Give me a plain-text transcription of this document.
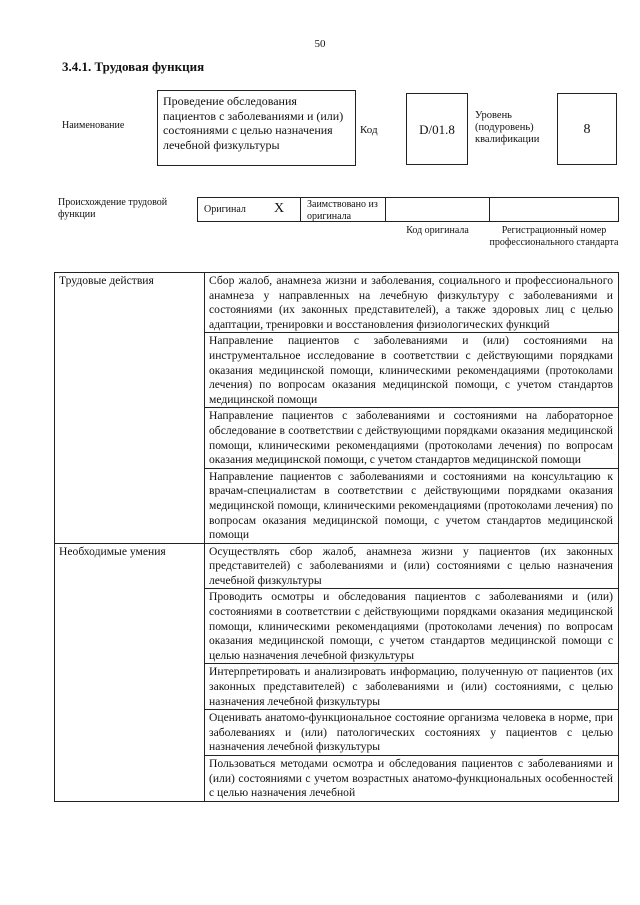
50
3.4.1. Трудовая функция
Наименование
Проведение обследования пациентов с заболеваниями и (или) состояниями с целью назначения лечебной физкультуры
Код	D/01.8
Уровень (подуровень) квалификации
8
Происхождение трудовой функции	Оригинал X Заимствовано из оригинала
Код оригинала	Регистрационный номер профессионального стандарта
Трудовые действия	Сбор жалоб, анамнеза жизни и заболевания, социального и профессионального анамнеза у направленных на лечебную физкультуру с заболеваниями и состояниями (их законных представителей), а также здоровых лиц с целью адаптации, тренировки и восстановления физиологических функций
	Направление пациентов с заболеваниями и (или) состояниями на инструментальное исследование в соответствии с действующими порядками оказания медицинской помощи, клиническими рекомендациями (протоколами лечения) по вопросам оказания медицинской помощи, с учетом стандартов медицинской помощи
	Направление пациентов с заболеваниями и состояниями на лабораторное обследование в соответствии с действующими порядками оказания медицинской помощи, клиническими рекомендациями (протоколами лечения) по вопросам оказания медицинской помощи, с учетом стандартов медицинской помощи
	Направление пациентов с заболеваниями и состояниями на консультацию к врачам-специалистам в соответствии с действующими порядками оказания медицинской помощи, клиническими рекомендациями (протоколами лечения) по вопросам оказания медицинской помощи, с учетом стандартов медицинской помощи
Необходимые умения	Осуществлять сбор жалоб, анамнеза жизни у пациентов (их законных представителей) с заболеваниями и (или) состояниями с целью назначения лечебной физкультуры
	Проводить осмотры и обследования пациентов с заболеваниями и (или) состояниями в соответствии с действующими порядками оказания медицинской помощи, клиническими рекомендациями (протоколами лечения) по вопросам оказания медицинской помощи, с учетом стандартов медицинской помощи с целью назначения лечебной физкультуры
	Интерпретировать и анализировать информацию, полученную от пациентов (их законных представителей) с заболеваниями и (или) состояниями, с целью назначения лечебной физкультуры
	Оценивать анатомо-функциональное состояние организма человека в норме, при заболеваниях и (или) патологических состояниях у пациентов с целью назначения лечебной физкультуры
	Пользоваться методами осмотра и обследования пациентов с заболеваниями и (или) состояниями с учетом возрастных анатомо-функциональных особенностей с целью назначения лечебной
